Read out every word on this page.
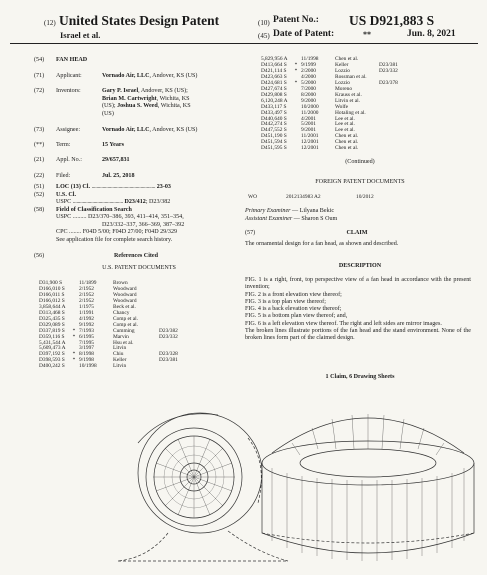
(12) United States Design Patent	(10) Patent No.: US D921,883 S
Israel et al.	(45) Date of Patent:	**	Jun. 8, 2021
(54) FAN HEAD
(71) Applicant:	Vornado Air, LLC, Andover, KS (US)
(72) Inventors:	Gary P. Israel, Andover, KS (US);
Brian M. Cartwright, Wichita, KS
(US); Joshua S. Weed, Wichita, KS
(US)
(73) Assignee:	Vornado Air, LLC, Andover, KS (US)
(**) Term:	15 Years
(21) Appl. No.:	29/657,831
(22) Filed:	Jul. 25, 2018
(51) LOC (13) Cl. .................................................... 23-03
(52) U.S. Cl.
USPC ......................................... D23/412; D23/382
(58) Field of Classification Search
USPC ......... D23/370–386, 393, 411–414, 351–354,
D23/332–337, 366–369, 387–392
CPC ........ F04D 5/00; F04D 27/00; F04D 29/329
See application file for complete search history.
(56)	References Cited
U.S. PATENT DOCUMENTS
D31,900 S	11/1899	Brown
D166,010 S	2/1952	Woodward
D166,011 S	2/1952	Woodward
D166,012 S	2/1952	Woodward
3,858,644 A 1/1975	Beck et al.
D313,468 S	1/1991	Chancy
D325,435 S	4/1992	Comp et al.
D329,089 S	9/1992	Comp et al.
D337,819 S * 7/1993	Cumming	D23/382
D359,116 S * 6/1995	Marvin	D23/332
5,431,544 A 7/1995	Hsu et al.
5,609,473 A 3/1997	Litvin
D397,192 S * 8/1998	Chiu	D23/328
D398,593 S * 9/1998	Keller	D23/381
D400,242 S	10/1998	Litvin
5,829,956 A 11/1998	Chen et al.
D413,664 S * 9/1999	Keller	D23/381
D421,114 S * 2/2000	Lozzio	D23/332
D423,663 S	4/2000	Rossman et al.
D424,681 S * 5/2000	Lozzio	D23/378
D427,674 S	7/2000	Moreno
D429,808 S	8/2000	Krauss et al.
6,120,248 A 9/2000	Litvin et al.
D433,117 S	10/2000	Wolfe
D433,497 S	11/2000	Hotaling et al.
D440,640 S	4/2001	Lee et al.
D442,274 S	5/2001	Lee et al.
D447,552 S	9/2001	Lee et al.
D451,190 S	11/2001	Chen et al.
D451,594 S	12/2001	Chen et al.
D451,595 S	12/2001	Chen et al.
(Continued)
FOREIGN PATENT DOCUMENTS
WO	2012134983 A2	10/2012
Primary Examiner — Lilyana Bekic
Assistant Examiner — Sharon S Oum
(57)	CLAIM
The ornamental design for a fan head, as shown and described.
DESCRIPTION
FIG. 1 is a right, front, top perspective view of a fan head in accordance with the present invention;
FIG. 2 is a front elevation view thereof;
FIG. 3 is a top plan view thereof;
FIG. 4 is a back elevation view thereof;
FIG. 5 is a bottom plan view thereof; and,
FIG. 6 is a left elevation view thereof. The right and left sides are mirror images.
The broken lines illustrate portions of the fan head and the stand environment. None of the broken lines form part of the claimed design.
1 Claim, 6 Drawing Sheets
